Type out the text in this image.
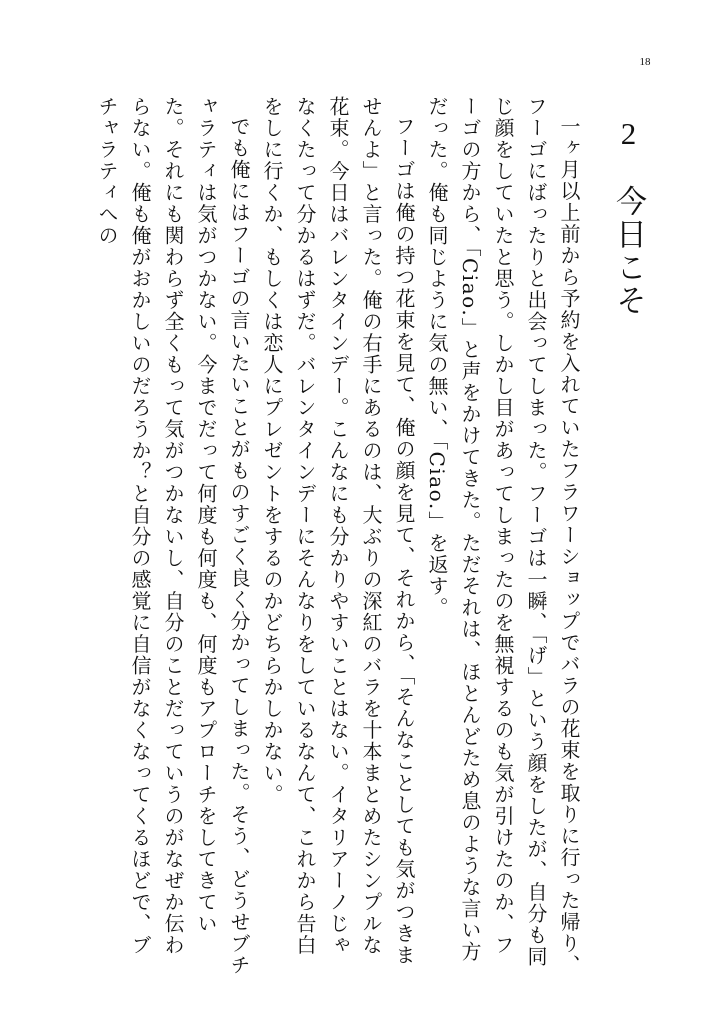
18
2今日こそ

一ヶ月以上前から予約を入れていたフラワーショップでバラの花束を取りに行った帰り、フーゴにばったりと出会ってしまった。フーゴは一瞬、「げ」という顔をしたが、自分も同じ顔をしていたと思う。しかし目があってしまったのを無視するのも気が引けたのか、フーゴの方から、「Ciao.」と声をかけてきた。ただそれは、ほとんどため息のような言い方だった。俺も同じように気の無い、「Ciao.」を返す。

フーゴは俺の持つ花束を見て、俺の顔を見て、それから、「そんなことしても気がつきませんよ」と言った。俺の右手にあるのは、大ぶりの深紅のバラを十本まとめたシンプルな花束。今日はバレンタインデー。こんなにも分かりやすいことはない。イタリアーノじゃなくたって分かるはずだ。バレンタインデーにそんなりをしているなんて、これから告白をしに行くか、もしくは恋人にプレゼントをするのかどちらかしかない。

でも俺にはフーゴの言いたいことがものすごく良く分かってしまった。そう、どうせブチャラティは気がつかない。今までだって何度も何度も、何度もアプローチをしてきていた。それにも関わらず全くもって気がつかないし、自分のことだっていうのがなぜか伝わらない。俺も俺がおかしいのだろうか？と自分の感覚に自信がなくなってくるほどで、ブチャラティへの
